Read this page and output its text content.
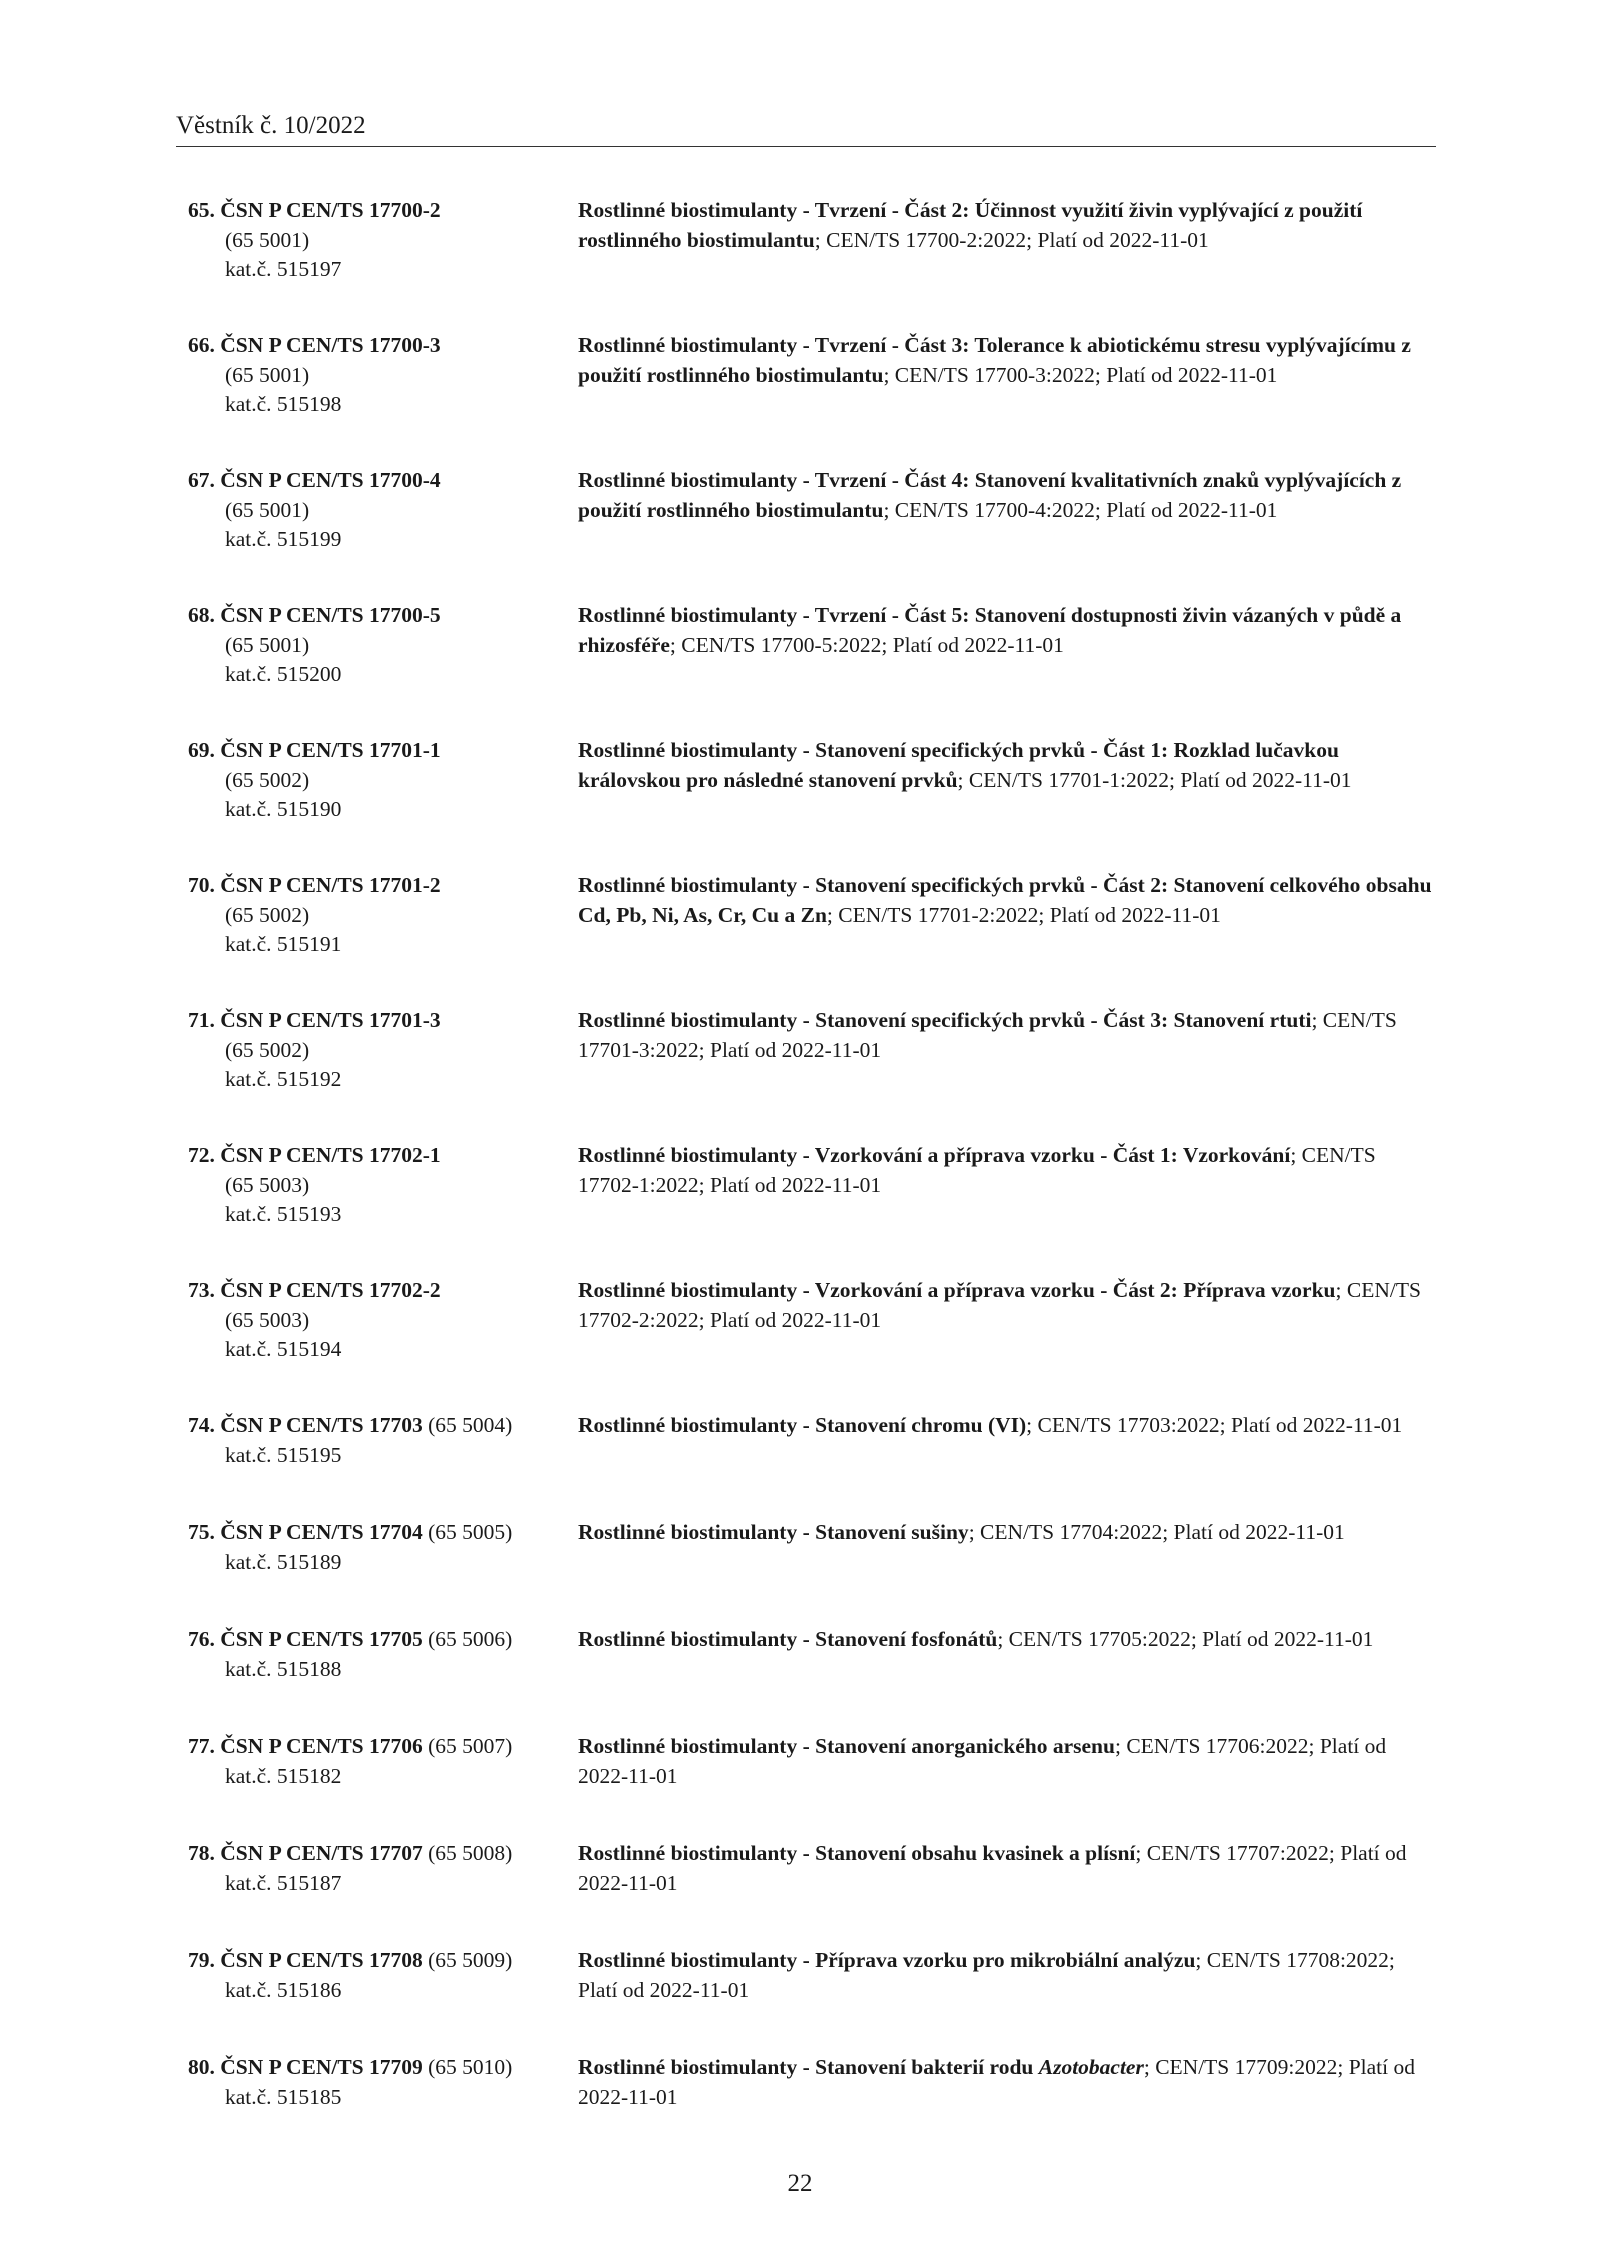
Věstník č. 10/2022
65. ČSN P CEN/TS 17700-2
(65 5001)
kat.č. 515197
Rostlinné biostimulanty - Tvrzení - Část 2: Účinnost využití živin vyplývající z použití rostlinného biostimulantu; CEN/TS 17700-2:2022; Platí od 2022-11-01
66. ČSN P CEN/TS 17700-3
(65 5001)
kat.č. 515198
Rostlinné biostimulanty - Tvrzení - Část 3: Tolerance k abiotickému stresu vyplývajícímu z použití rostlinného biostimulantu; CEN/TS 17700-3:2022; Platí od 2022-11-01
67. ČSN P CEN/TS 17700-4
(65 5001)
kat.č. 515199
Rostlinné biostimulanty - Tvrzení - Část 4: Stanovení kvalitativních znaků vyplývajících z použití rostlinného biostimulantu; CEN/TS 17700-4:2022; Platí od 2022-11-01
68. ČSN P CEN/TS 17700-5
(65 5001)
kat.č. 515200
Rostlinné biostimulanty - Tvrzení - Část 5: Stanovení dostupnosti živin vázaných v půdě a rhizosféře; CEN/TS 17700-5:2022; Platí od 2022-11-01
69. ČSN P CEN/TS 17701-1
(65 5002)
kat.č. 515190
Rostlinné biostimulanty - Stanovení specifických prvků - Část 1: Rozklad lučavkou královskou pro následné stanovení prvků; CEN/TS 17701-1:2022; Platí od 2022-11-01
70. ČSN P CEN/TS 17701-2
(65 5002)
kat.č. 515191
Rostlinné biostimulanty - Stanovení specifických prvků - Část 2: Stanovení celkového obsahu Cd, Pb, Ni, As, Cr, Cu a Zn; CEN/TS 17701-2:2022; Platí od 2022-11-01
71. ČSN P CEN/TS 17701-3
(65 5002)
kat.č. 515192
Rostlinné biostimulanty - Stanovení specifických prvků - Část 3: Stanovení rtuti; CEN/TS 17701-3:2022; Platí od 2022-11-01
72. ČSN P CEN/TS 17702-1
(65 5003)
kat.č. 515193
Rostlinné biostimulanty - Vzorkování a příprava vzorku - Část 1: Vzorkování; CEN/TS 17702-1:2022; Platí od 2022-11-01
73. ČSN P CEN/TS 17702-2
(65 5003)
kat.č. 515194
Rostlinné biostimulanty - Vzorkování a příprava vzorku - Část 2: Příprava vzorku; CEN/TS 17702-2:2022; Platí od 2022-11-01
74. ČSN P CEN/TS 17703 (65 5004)
kat.č. 515195
Rostlinné biostimulanty - Stanovení chromu (VI); CEN/TS 17703:2022; Platí od 2022-11-01
75. ČSN P CEN/TS 17704 (65 5005)
kat.č. 515189
Rostlinné biostimulanty - Stanovení sušiny; CEN/TS 17704:2022; Platí od 2022-11-01
76. ČSN P CEN/TS 17705 (65 5006)
kat.č. 515188
Rostlinné biostimulanty - Stanovení fosfonátů; CEN/TS 17705:2022; Platí od 2022-11-01
77. ČSN P CEN/TS 17706 (65 5007)
kat.č. 515182
Rostlinné biostimulanty - Stanovení anorganického arsenu; CEN/TS 17706:2022; Platí od 2022-11-01
78. ČSN P CEN/TS 17707 (65 5008)
kat.č. 515187
Rostlinné biostimulanty - Stanovení obsahu kvasinek a plísní; CEN/TS 17707:2022; Platí od 2022-11-01
79. ČSN P CEN/TS 17708 (65 5009)
kat.č. 515186
Rostlinné biostimulanty - Příprava vzorku pro mikrobiální analýzu; CEN/TS 17708:2022; Platí od 2022-11-01
80. ČSN P CEN/TS 17709 (65 5010)
kat.č. 515185
Rostlinné biostimulanty - Stanovení bakterií rodu Azotobacter; CEN/TS 17709:2022; Platí od 2022-11-01
22
